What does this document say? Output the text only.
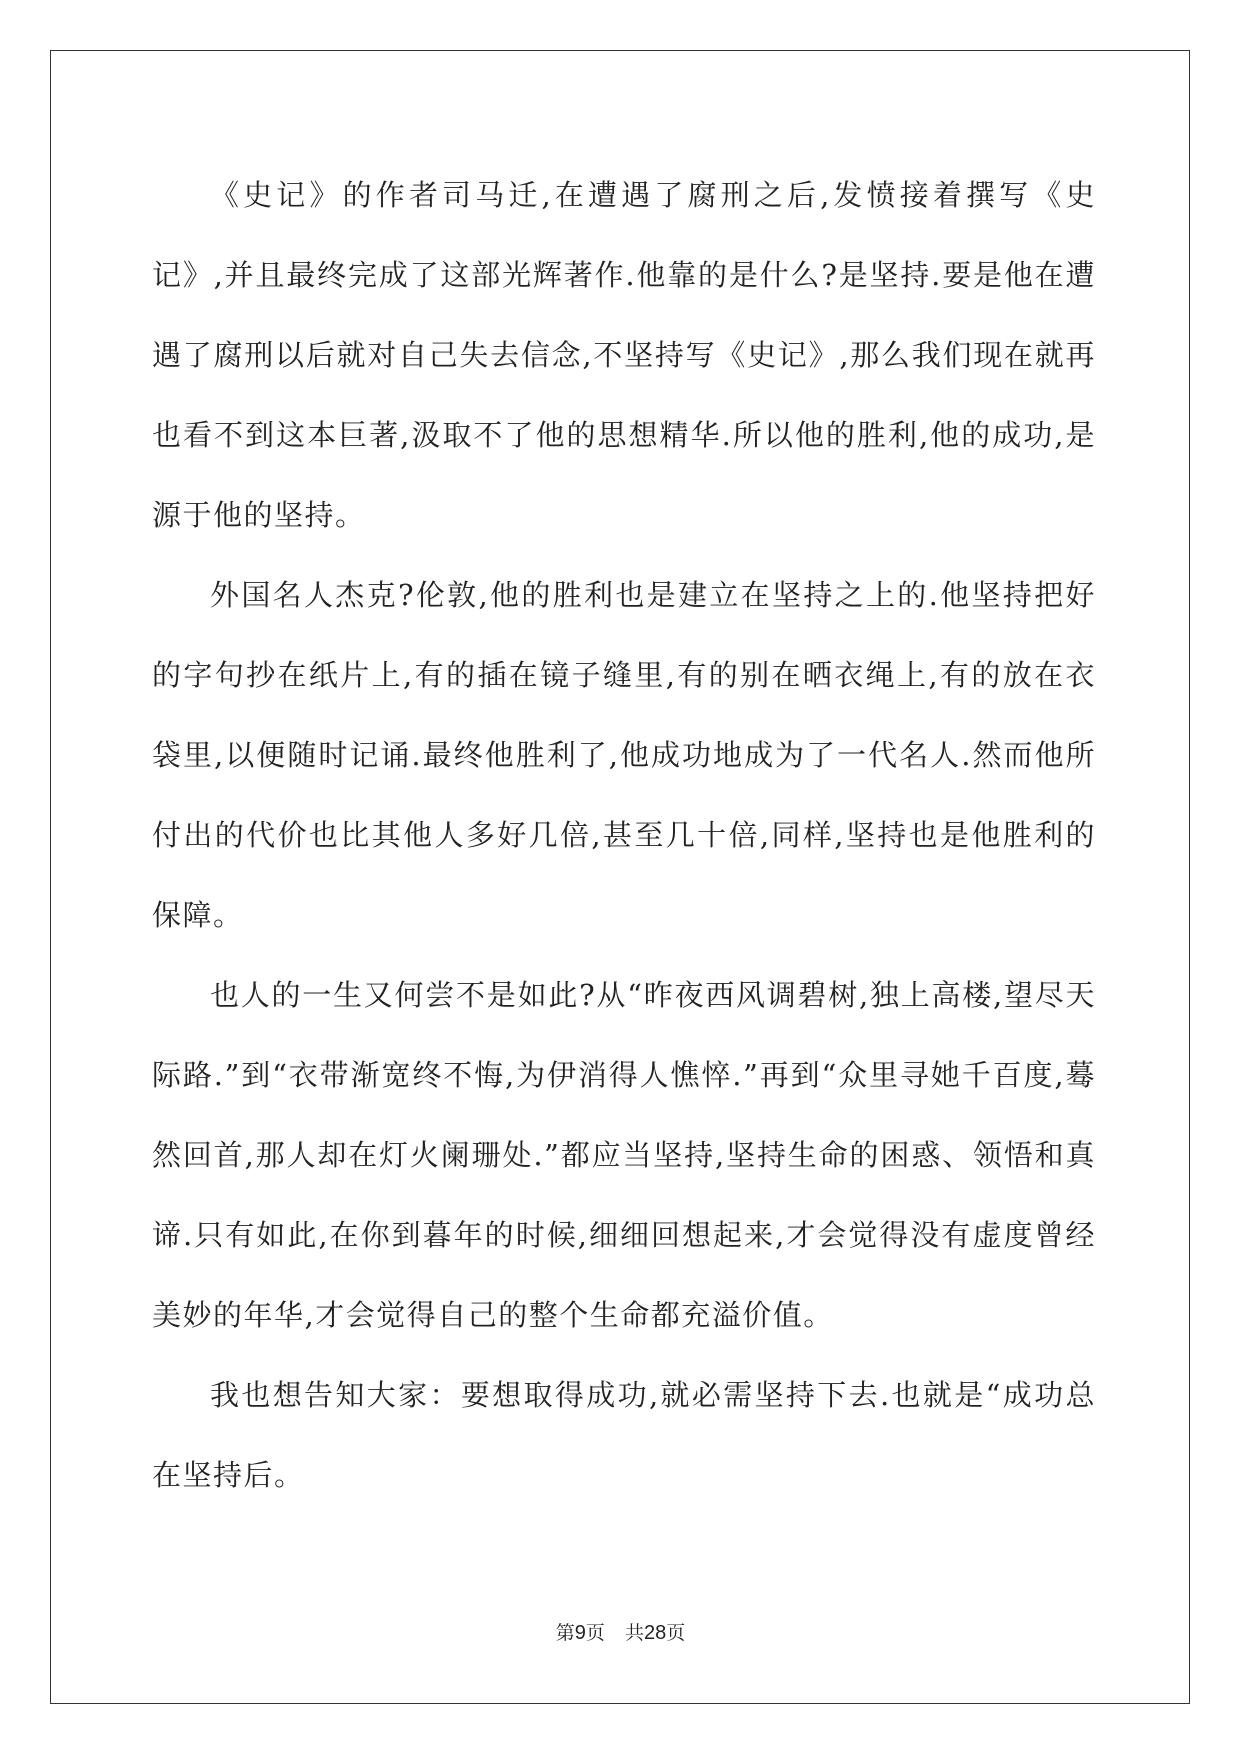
《史记》的作者司马迁,在遭遇了腐刑之后,发愤接着撰写《史记》,并且最终完成了这部光辉著作.他靠的是什么?是坚持.要是他在遭遇了腐刑以后就对自己失去信念,不坚持写《史记》,那么我们现在就再也看不到这本巨著,汲取不了他的思想精华.所以他的胜利,他的成功,是源于他的坚持。

外国名人杰克?伦敦,他的胜利也是建立在坚持之上的.他坚持把好的字句抄在纸片上,有的插在镜子缝里,有的别在晒衣绳上,有的放在衣袋里,以便随时记诵.最终他胜利了,他成功地成为了一代名人.然而他所付出的代价也比其他人多好几倍,甚至几十倍,同样,坚持也是他胜利的保障。

也人的一生又何尝不是如此?从“昨夜西风调碧树,独上高楼,望尽天际路.”到“衣带渐宽终不悔,为伊消得人憔悴.”再到“众里寻她千百度,蓦然回首,那人却在灯火阑珊处.”都应当坚持,坚持生命的困惑、领悟和真谛.只有如此,在你到暮年的时候,细细回想起来,才会觉得没有虚度曾经美妙的年华,才会觉得自己的整个生命都充溢价值。

我也想告知大家：要想取得成功,就必需坚持下去.也就是“成功总在坚持后。

第9页 共28页
